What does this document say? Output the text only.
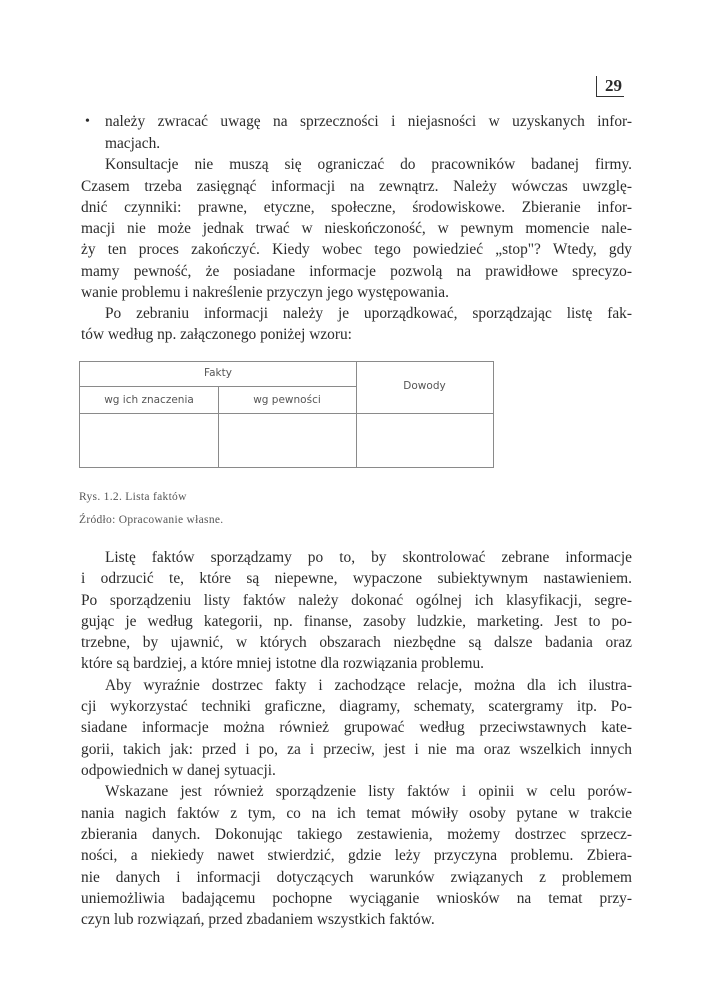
29
• należy zwracać uwagę na sprzeczności i niejasności w uzyskanych infor-
macjach.
Konsultacje nie muszą się ograniczać do pracowników badanej firmy.
Czasem trzeba zasięgnąć informacji na zewnątrz. Należy wówczas uwzglę-
dnić czynniki: prawne, etyczne, społeczne, środowiskowe. Zbieranie infor-
macji nie może jednak trwać w nieskończoność, w pewnym momencie nale-
ży ten proces zakończyć. Kiedy wobec tego powiedzieć „stop"? Wtedy, gdy
mamy pewność, że posiadane informacje pozwolą na prawidłowe sprecyzo-
wanie problemu i nakreślenie przyczyn jego występowania.
Po zebraniu informacji należy je uporządkować, sporządzając listę fak-
tów według np. załączonego poniżej wzoru:
Fakty
Dowody
wg ich znaczenia	wg pewności
Rys. 1.2. Lista faktów
Źródło: Opracowanie własne.
Listę faktów sporządzamy po to, by skontrolować zebrane informacje
i odrzucić te, które są niepewne, wypaczone subiektywnym nastawieniem.
Po sporządzeniu listy faktów należy dokonać ogólnej ich klasyfikacji, segre-
gując je według kategorii, np. finanse, zasoby ludzkie, marketing. Jest to po-
trzebne, by ujawnić, w których obszarach niezbędne są dalsze badania oraz
które są bardziej, a które mniej istotne dla rozwiązania problemu.
Aby wyraźnie dostrzec fakty i zachodzące relacje, można dla ich ilustra-
cji wykorzystać techniki graficzne, diagramy, schematy, scatergramy itp. Po-
siadane informacje można również grupować według przeciwstawnych kate-
gorii, takich jak: przed i po, za i przeciw, jest i nie ma oraz wszelkich innych
odpowiednich w danej sytuacji.
Wskazane jest również sporządzenie listy faktów i opinii w celu porów-
nania nagich faktów z tym, co na ich temat mówiły osoby pytane w trakcie
zbierania danych. Dokonując takiego zestawienia, możemy dostrzec sprzecz-
ności, a niekiedy nawet stwierdzić, gdzie leży przyczyna problemu. Zbiera-
nie danych i informacji dotyczących warunków związanych z problemem
uniemożliwia badającemu pochopne wyciąganie wniosków na temat przy-
czyn lub rozwiązań, przed zbadaniem wszystkich faktów.
